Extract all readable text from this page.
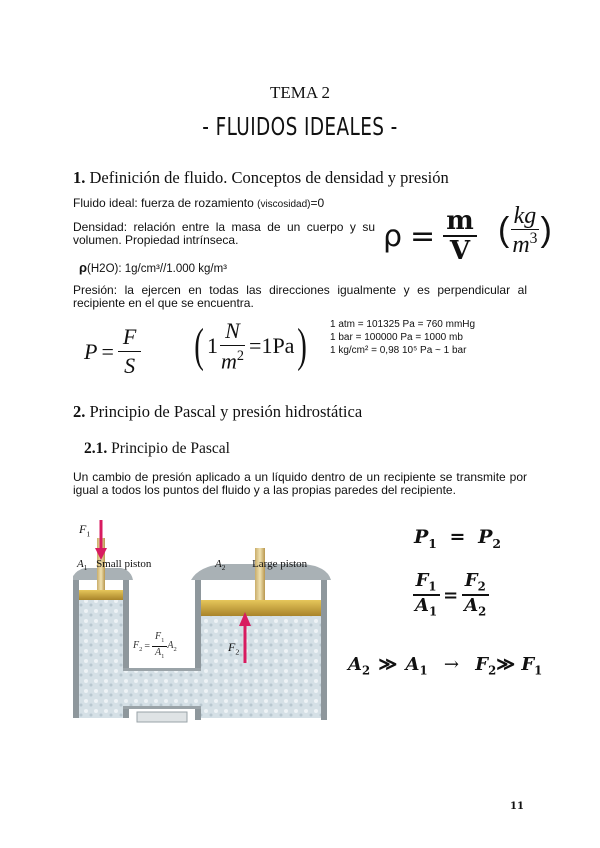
TEMA 2
- FLUIDOS IDEALES -
1. Definición de fluido. Conceptos de densidad y presión
Fluido ideal: fuerza de rozamiento (viscosidad)=0
Densidad: relación entre la masa de un cuerpo y su volumen. Propiedad intrínseca.
ρ(H2O): 1g/cm³//1.000 kg/m³
$\rho = \frac{m}{V}$ ( $\frac{kg}{m^3}$ )
Presión: la ejercen en todas las direcciones igualmente y es perpendicular al recipiente en el que se encuentra.
$P = \frac{F}{S}$ ( $1 \frac{N}{m^2} =1Pa$ ) 1 atm = 101325 Pa = 760 mmHg
1 bar = 100000 Pa = 1000 mb
1 kg/cm² = 0,98 10⁵ Pa ~ 1 bar
2. Principio de Pascal y presión hidrostática
2.1. Principio de Pascal
Un cambio de presión aplicado a un líquido dentro de un recipiente se transmite por igual a todos los puntos del fluido y a las propias paredes del recipiente.
$F_1$
$A_1$ Small piston	$A_2$ Large piston
$F_2$
$F_2 = \frac{F_1}{A_1} A_2$
$P_1 = P_2$
$\frac{F_1}{A_1} = \frac{F_2}{A_2}$
$A_2$ ≫ $A_1$ → $F_2≫$ $F_1$
11
